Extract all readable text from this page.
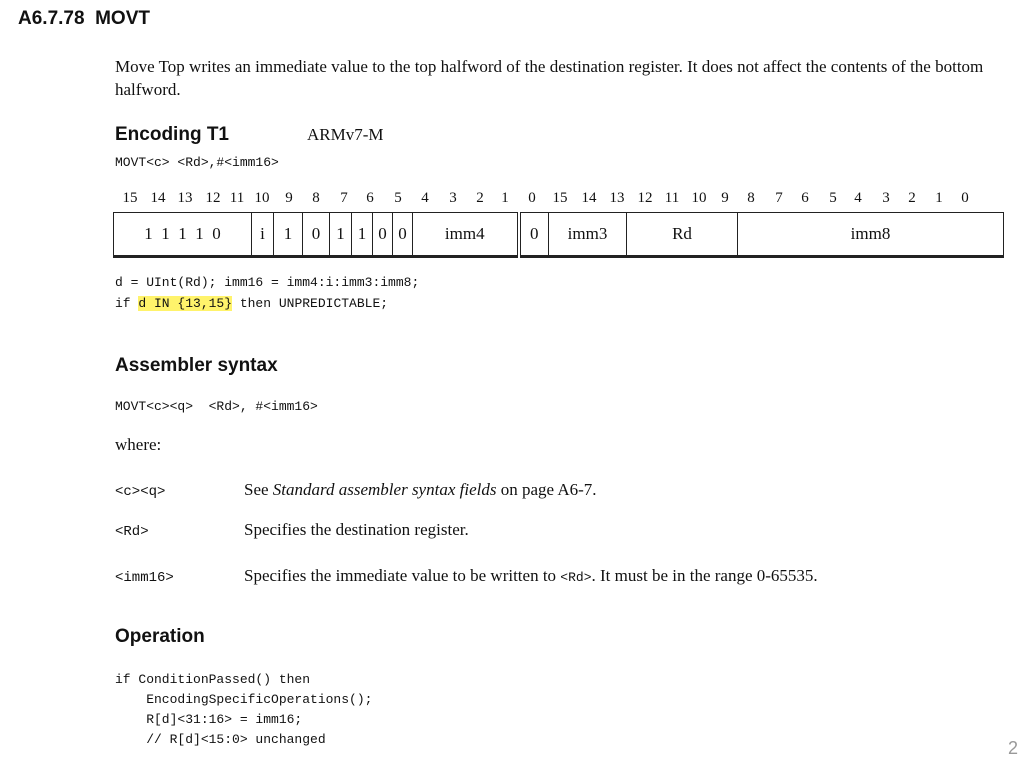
A6.7.78 MOVT
Move Top writes an immediate value to the top halfword of the destination register. It does not affect the contents of the bottom halfword.
Encoding T1	ARMv7-M
MOVT<c> <Rd>,#<imm16>
15 14 13 12 11 10 9 8 7 6 5 4 3 2 1 0 15 14 13 12 11 10 9 8 7 6 5 4 3 2 1 0
1  1  1  1  0	i	1	0	1	1	0	0	imm4	0	imm3	Rd	imm8
d = UInt(Rd); imm16 = imm4:i:imm3:imm8;
if d IN {13,15} then UNPREDICTABLE;
Assembler syntax
MOVT<c><q>  <Rd>, #<imm16>
where:
<c><q>	See Standard assembler syntax fields on page A6-7.
<Rd>	Specifies the destination register.
<imm16>	Specifies the immediate value to be written to <Rd>. It must be in the range 0-65535.
Operation
if ConditionPassed() then
EncodingSpecificOperations();
R[d]<31:16> = imm16;
// R[d]<15:0> unchanged	2
